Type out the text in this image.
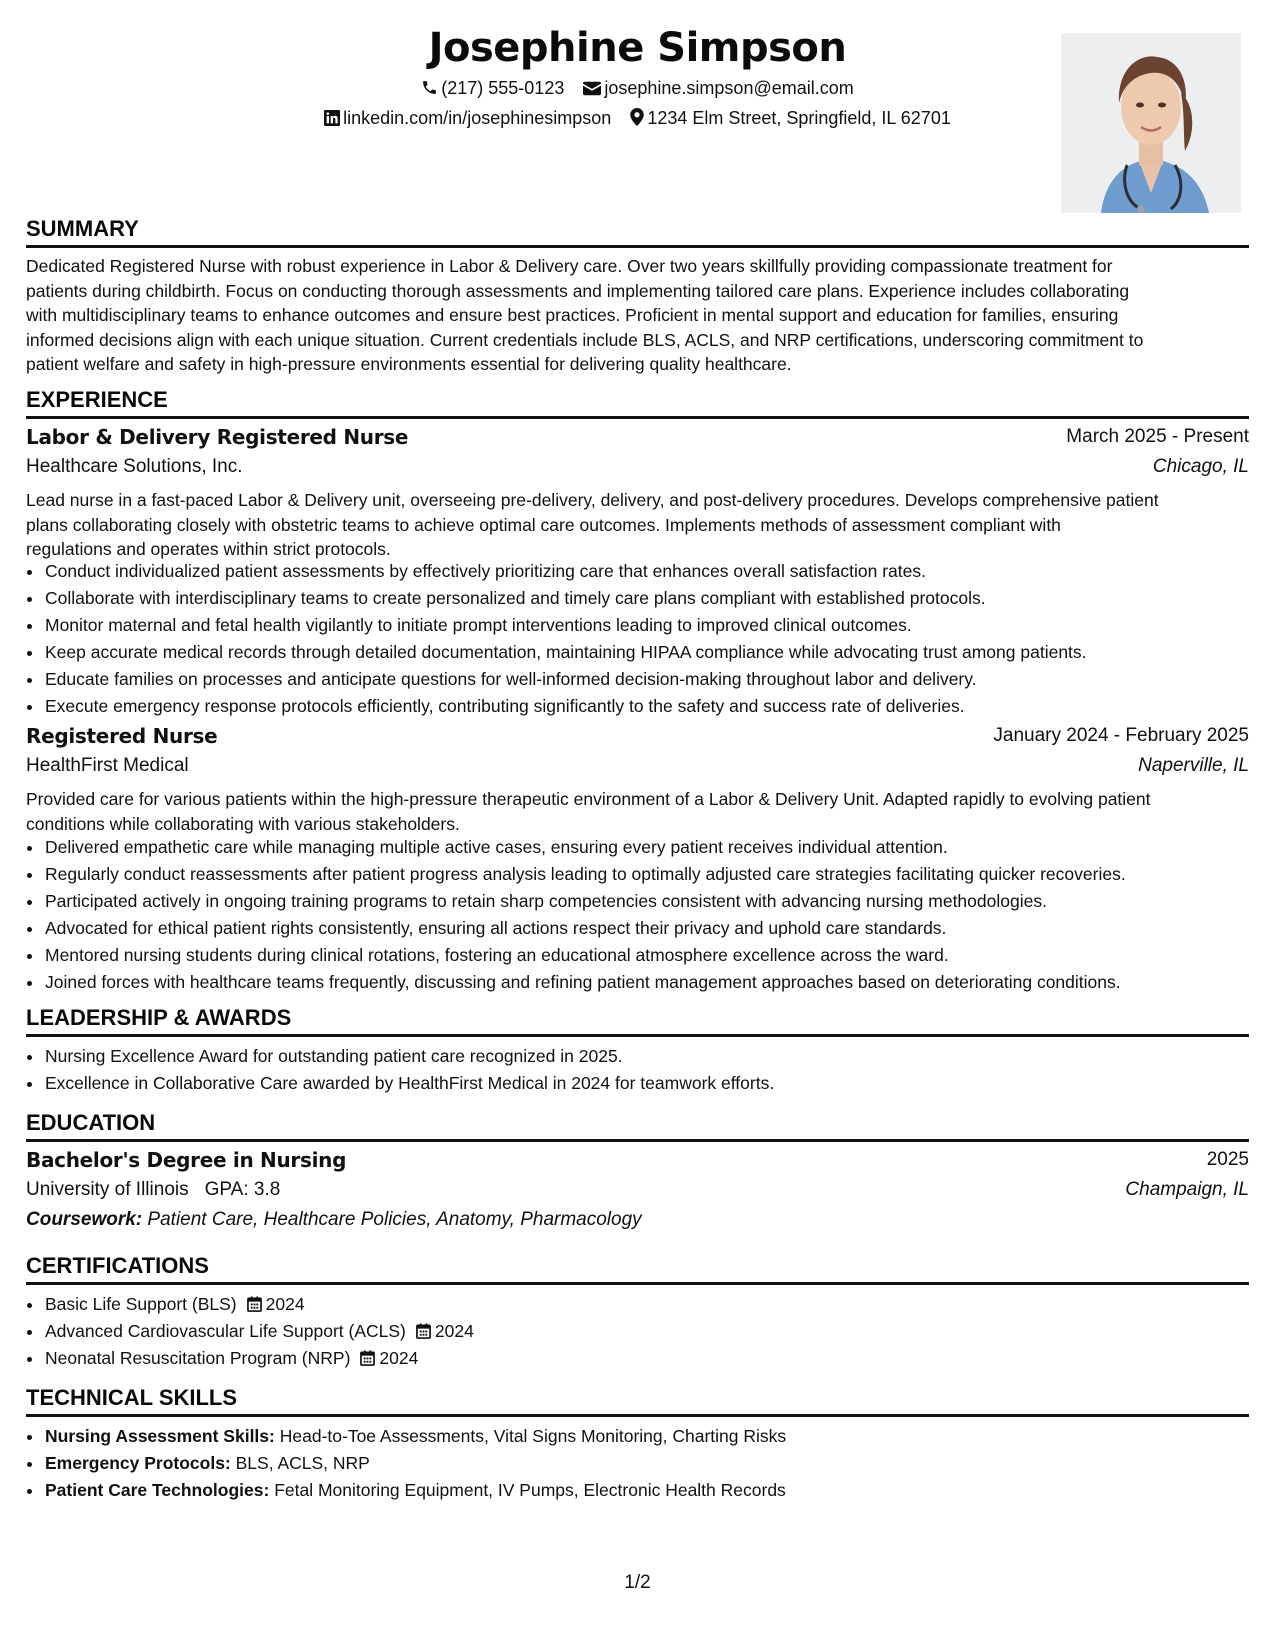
Josephine Simpson
(217) 555-0123 josephine.simpson@email.com
linkedin.com/in/josephinesimpson 1234 Elm Street, Springfield, IL 62701
SUMMARY
Dedicated Registered Nurse with robust experience in Labor & Delivery care. Over two years skillfully providing compassionate treatment for
patients during childbirth. Focus on conducting thorough assessments and implementing tailored care plans. Experience includes collaborating
with multidisciplinary teams to enhance outcomes and ensure best practices. Proficient in mental support and education for families, ensuring
informed decisions align with each unique situation. Current credentials include BLS, ACLS, and NRP certifications, underscoring commitment to
patient welfare and safety in high-pressure environments essential for delivering quality healthcare.
EXPERIENCE
Labor & Delivery Registered Nurse	March 2025 - Present
Healthcare Solutions, Inc.	Chicago, IL
Lead nurse in a fast-paced Labor & Delivery unit, overseeing pre-delivery, delivery, and post-delivery procedures. Develops comprehensive patient
plans collaborating closely with obstetric teams to achieve optimal care outcomes. Implements methods of assessment compliant with
regulations and operates within strict protocols.
• Conduct individualized patient assessments by effectively prioritizing care that enhances overall satisfaction rates.
• Collaborate with interdisciplinary teams to create personalized and timely care plans compliant with established protocols.
• Monitor maternal and fetal health vigilantly to initiate prompt interventions leading to improved clinical outcomes.
• Keep accurate medical records through detailed documentation, maintaining HIPAA compliance while advocating trust among patients.
• Educate families on processes and anticipate questions for well-informed decision-making throughout labor and delivery.
• Execute emergency response protocols efficiently, contributing significantly to the safety and success rate of deliveries.
Registered Nurse	January 2024 - February 2025
HealthFirst Medical	Naperville, IL
Provided care for various patients within the high-pressure therapeutic environment of a Labor & Delivery Unit. Adapted rapidly to evolving patient
conditions while collaborating with various stakeholders.
• Delivered empathetic care while managing multiple active cases, ensuring every patient receives individual attention.
• Regularly conduct reassessments after patient progress analysis leading to optimally adjusted care strategies facilitating quicker recoveries.
• Participated actively in ongoing training programs to retain sharp competencies consistent with advancing nursing methodologies.
• Advocated for ethical patient rights consistently, ensuring all actions respect their privacy and uphold care standards.
• Mentored nursing students during clinical rotations, fostering an educational atmosphere excellence across the ward.
• Joined forces with healthcare teams frequently, discussing and refining patient management approaches based on deteriorating conditions.
LEADERSHIP & AWARDS
• Nursing Excellence Award for outstanding patient care recognized in 2025.
• Excellence in Collaborative Care awarded by HealthFirst Medical in 2024 for teamwork efforts.
EDUCATION
Bachelor's Degree in Nursing	2025
University of Illinois GPA: 3.8	Champaign, IL
Coursework: Patient Care, Healthcare Policies, Anatomy, Pharmacology
CERTIFICATIONS
• Basic Life Support (BLS) 2024
• Advanced Cardiovascular Life Support (ACLS) 2024
• Neonatal Resuscitation Program (NRP) 2024
TECHNICAL SKILLS
• Nursing Assessment Skills: Head-to-Toe Assessments, Vital Signs Monitoring, Charting Risks
• Emergency Protocols: BLS, ACLS, NRP
• Patient Care Technologies: Fetal Monitoring Equipment, IV Pumps, Electronic Health Records
1/2
